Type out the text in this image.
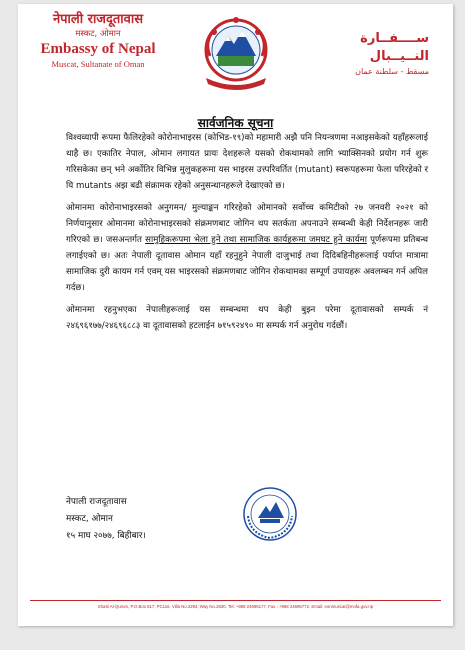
नेपाली राजदूतावास
मस्कट, ओमान
Embassy of Nepal
Muscat, Sultanate of Oman
ســــفــارة النــيــبال
مسقط - سلطنة عمان
सार्वजनिक सूचना

विश्वव्यापी रूपमा फैलिरहेको कोरोनाभाइरस (कोभिड-१९)को महामारी अझै पनि नियन्त्रणमा नआइसकेको यहाँहरूलाई थाहै छ। एकातिर नेपाल, ओमान लगायत प्रायः देशहरूले यसको रोकथामको लागि भ्याक्सिनको प्रयोग गर्न शुरू गरिसकेका छन् भने अर्कोतिर विभिन्न मुलुकहरूमा यस भाइरस उत्त्परिवर्तित (mutant) स्वरूपहरूमा फेला परिरहेको र यि mutants अझ बढी संक्रामक रहेको अनुसन्धानहरूले देखाएको छ।

ओमानमा कोरोनाभाइरसको अनुगमन/ मुल्याङ्कन गरिरहेको ओमानको सर्वोच्च कमिटीको २७ जनवरी २०२१ को निर्णयानुसार ओमानमा कोरोनाभाइरसको संक्रमणबाट जोगिन थप सतर्कता अपनाउने सम्बन्धी केही निर्देशनहरू जारी गरिएको छ। जसअन्तर्गत सामुहिकरूपमा भेला हुने तथा सामाजिक कार्यहरूमा जमघट हुने कार्यमा पूर्णरूपमा प्रतिबन्ध लगाईएको छ। अतः नेपाली दूतावास ओमान यहाँ रहनुहुने नेपाली दाजुभाई तथा दिदिबहिनीहरूलाई पर्याप्त मात्रामा सामाजिक दुरी कायम गर्न एवम् यस भाइरसको संक्रमणबाट जोगिन रोकथामका सम्पूर्ण उपायहरू अवलम्बन गर्न अपिल गर्दछ।

ओमानमा रहनुभएका नेपालीहरूलाई यस सम्बन्धमा थप केही बुझ्न परेमा दूतावासको सम्पर्क नं २४६९६१७७/२४६९६८८३ वा दूतावासको हटलाईन ७१५९२४९० मा सम्पर्क गर्न अनुरोध गर्दछौं।

नेपाली राजदूतावास
मस्कट, ओमान
१५ माघ २०७७, बिहीबार।
Shatti Al-Qurum, P.O.Box 517, PC116, Villa No.2294, Way No.2830, Tel: +968 24696177, Fax : +968 24696772, Email: eonmuscat@mofa.gov.np
